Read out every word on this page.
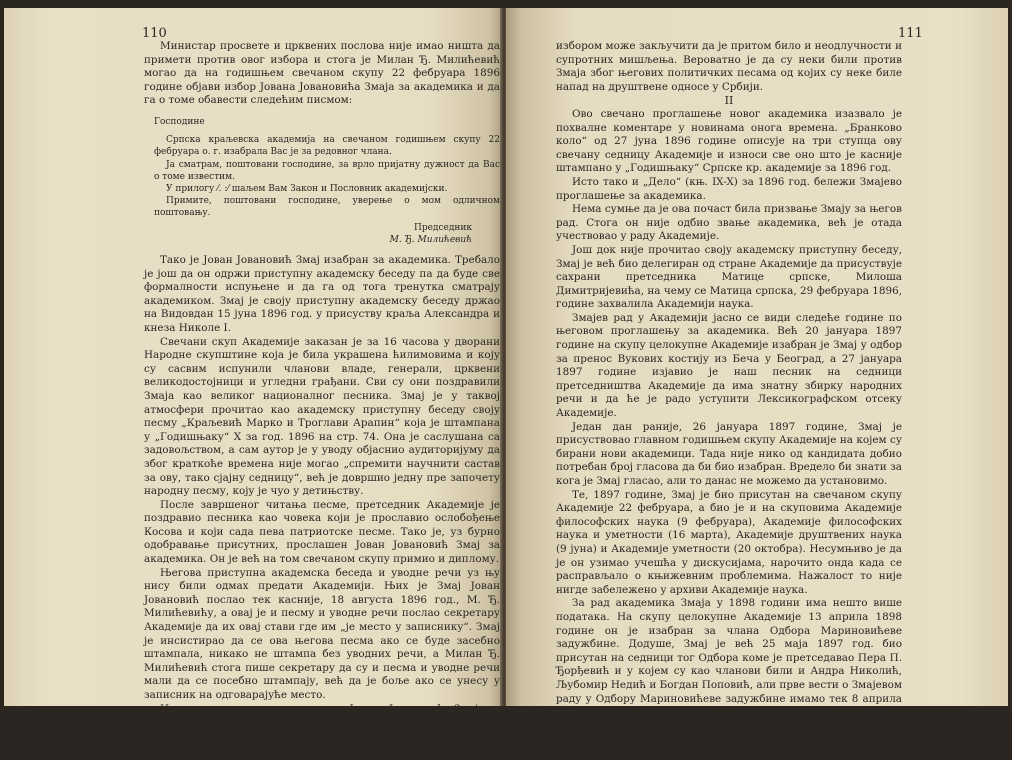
110

Министар просвете и црквених послова није имао ништа да примети против овог избора и стога је Милан Ђ. Милићевић могао да на годишњем свечаном скупу 22 фебруара 1896 године објави избор Јована Јовановића Змаја за академика и да га о томе обавести следећим писмом:

Господине

Српска краљевска академија на свечаном годишњем скупу 22 фебруара о. г. изабрала Вас је за редовног члана.

Ја сматрам, поштовани господине, за врло пријатну дужност да Вас о томе известим.

У прилогу ⁄. :⁄ шаљем Вам Закон и Пословник академијски.

Примите, поштовани господине, уверење о мом одличном поштовању.

Председник
М. Ђ. Милићевић

Тако је Јован Јовановић Змај изабран за академика. Требало је још да он одржи приступну академску беседу па да буде све формалности испуњене и да га од тога тренутка сматрају академиком. Змај је своју приступну академску беседу држао на Видовдан 15 јуна 1896 год. у присуству краља Александра и кнеза Николе I.

Свечани скуп Академије заказан је за 16 часова у дворани Народне скупштине која је била украшена ћилимовима и коју су сасвим испунили чланови владе, генерали, црквени великодостојници и угледни грађани. Сви су они поздравили Змаја као великог националног песника. Змај је у таквој атмосфери прочитао као академску приступну беседу своју песму „Краљевић Марко и Троглави Арапин“ која је штампана у „Годишњаку“ X за год. 1896 на стр. 74. Она је саслушана са задовољством, а сам аутор је у уводу објаснио аудиторијуму да због краткоће времена није могао „спремити научнити састав за ову, тако сјајну седницу“, већ је довршио једну пре започету народну песму, коју је чуо у детињству.

После завршеног читања песме, претседник Академије је поздравио песника као човека који је прославио ослобођење Косова и који сада пева патриотске песме. Тако је, уз бурно одобравање присутних, прослашен Јован Јовановић Змај за академика. Он је већ на том свечаном скупу примио и диплому.

Његова приступна академска беседа и уводне речи уз њу нису били одмах предати Академији. Њих је Змај Јован Јовановић послао тек касније, 18 августа 1896 год., М. Ђ. Милићевићу, а овај је и песму и уводне речи послао секретару Академије да их овај стави где им „је место у записнику“. Змај је инсистирао да се ова његова песма ако се буде засебно штампала, никако не штампа без уводних речи, а Милан Ђ. Милићевић стога пише секретару да су и песма и уводне речи мали да се посебно штампају, већ да је боље ако се унесу у записник на одговарајуће место.

Цела процедура око проглашења Јована Јовановића Змаја за академика је тако завршена. Академија је добро учинила што је изабрала нашег песника за свога правога члана, али се из преписке у вези са

111

избором може закључити да је притом било и неодлучности и супротних мишљења. Вероватно је да су неки били против Змаја због његових политичких песама од којих су неке биле напад на друштвене односе у Србији.

II

Ово свечано проглашење новог академика изазвало је похвалне коментаре у новинама онога времена. „Бранково коло“ од 27 јуна 1896 године описује на три ступца ову свечану седницу Академије и износи све оно што је касније штампано у „Годишњаку“ Српске кр. академије за 1896 год.

Исто тако и „Дело“ (књ. IX-X) за 1896 год. бележи Змајево проглашење за академика.

Нема сумње да је ова почаст била призвање Змају за његов рад. Стога он није одбио звање академика, већ је отада учествовао у раду Академије.

Још док није прочитао своју академску приступну беседу, Змај је већ био делегиран од стране Академије да присуствује сахрани претседника Матице српске, Милоша Димитријевића, на чему се Матица српска, 29 фебруара 1896, године захвалила Академији наука.

Змајев рад у Академији јасно се види следеће године по његовом проглашењу за академика. Већ 20 јануара 1897 године на скупу целокупне Академије изабран је Змај у одбор за пренос Вукових костију из Беча у Београд, а 27 јануара 1897 године изјавио је наш песник на седници претседништва Академије да има знатну збирку народних речи и да ће је радо уступити Лексикографском отсеку Академије.

Један дан раније, 26 јануара 1897 године, Змај је присуствовао главном годишњем скупу Академије на којем су бирани нови академици. Тада није нико од кандидата добио потребан број гласова да би био изабран. Вредело би знати за кога је Змај гласао, али то данас не можемо да установимо.

Те, 1897 године, Змај је био присутан на свечаном скупу Академије 22 фебруара, а био је и на скуповима Академије философских наука (9 фебруара), Академије философских наука и уметности (16 марта), Академије друштвених наука (9 јуна) и Академије уметности (20 октобра). Несумњиво је да је он узимао учешћа у дискусијама, нарочито онда када се расправљало о књижевним проблемима. Нажалост то није нигде забележено у архиви Академије наука.

За рад академика Змаја у 1898 години има нешто више података. На скупу целокупне Академије 13 априла 1898 године он је изабран за члана Одбора Мариновићеве задужбине. Додуше, Змај је већ 25 маја 1897 год. био присутан на седници тог Одбора коме је претседавао Пера П. Ђорђевић и у којем су као чланови били и Андра Николић, Љубомир Недић и Богдан Поповић, али прве вести о Змајевом раду у Одбору Мариновићеве задужбине имамо тек 8 априла 1898 године. Тада је Драг. Ј. Илић послао своју трагедију „Милош Обилић“ на конкурс за награду Мариновићеве задужбине. Ово је дело било, по речима аутора, „штампано у листу „Нади“ у почетку ове године. Није
